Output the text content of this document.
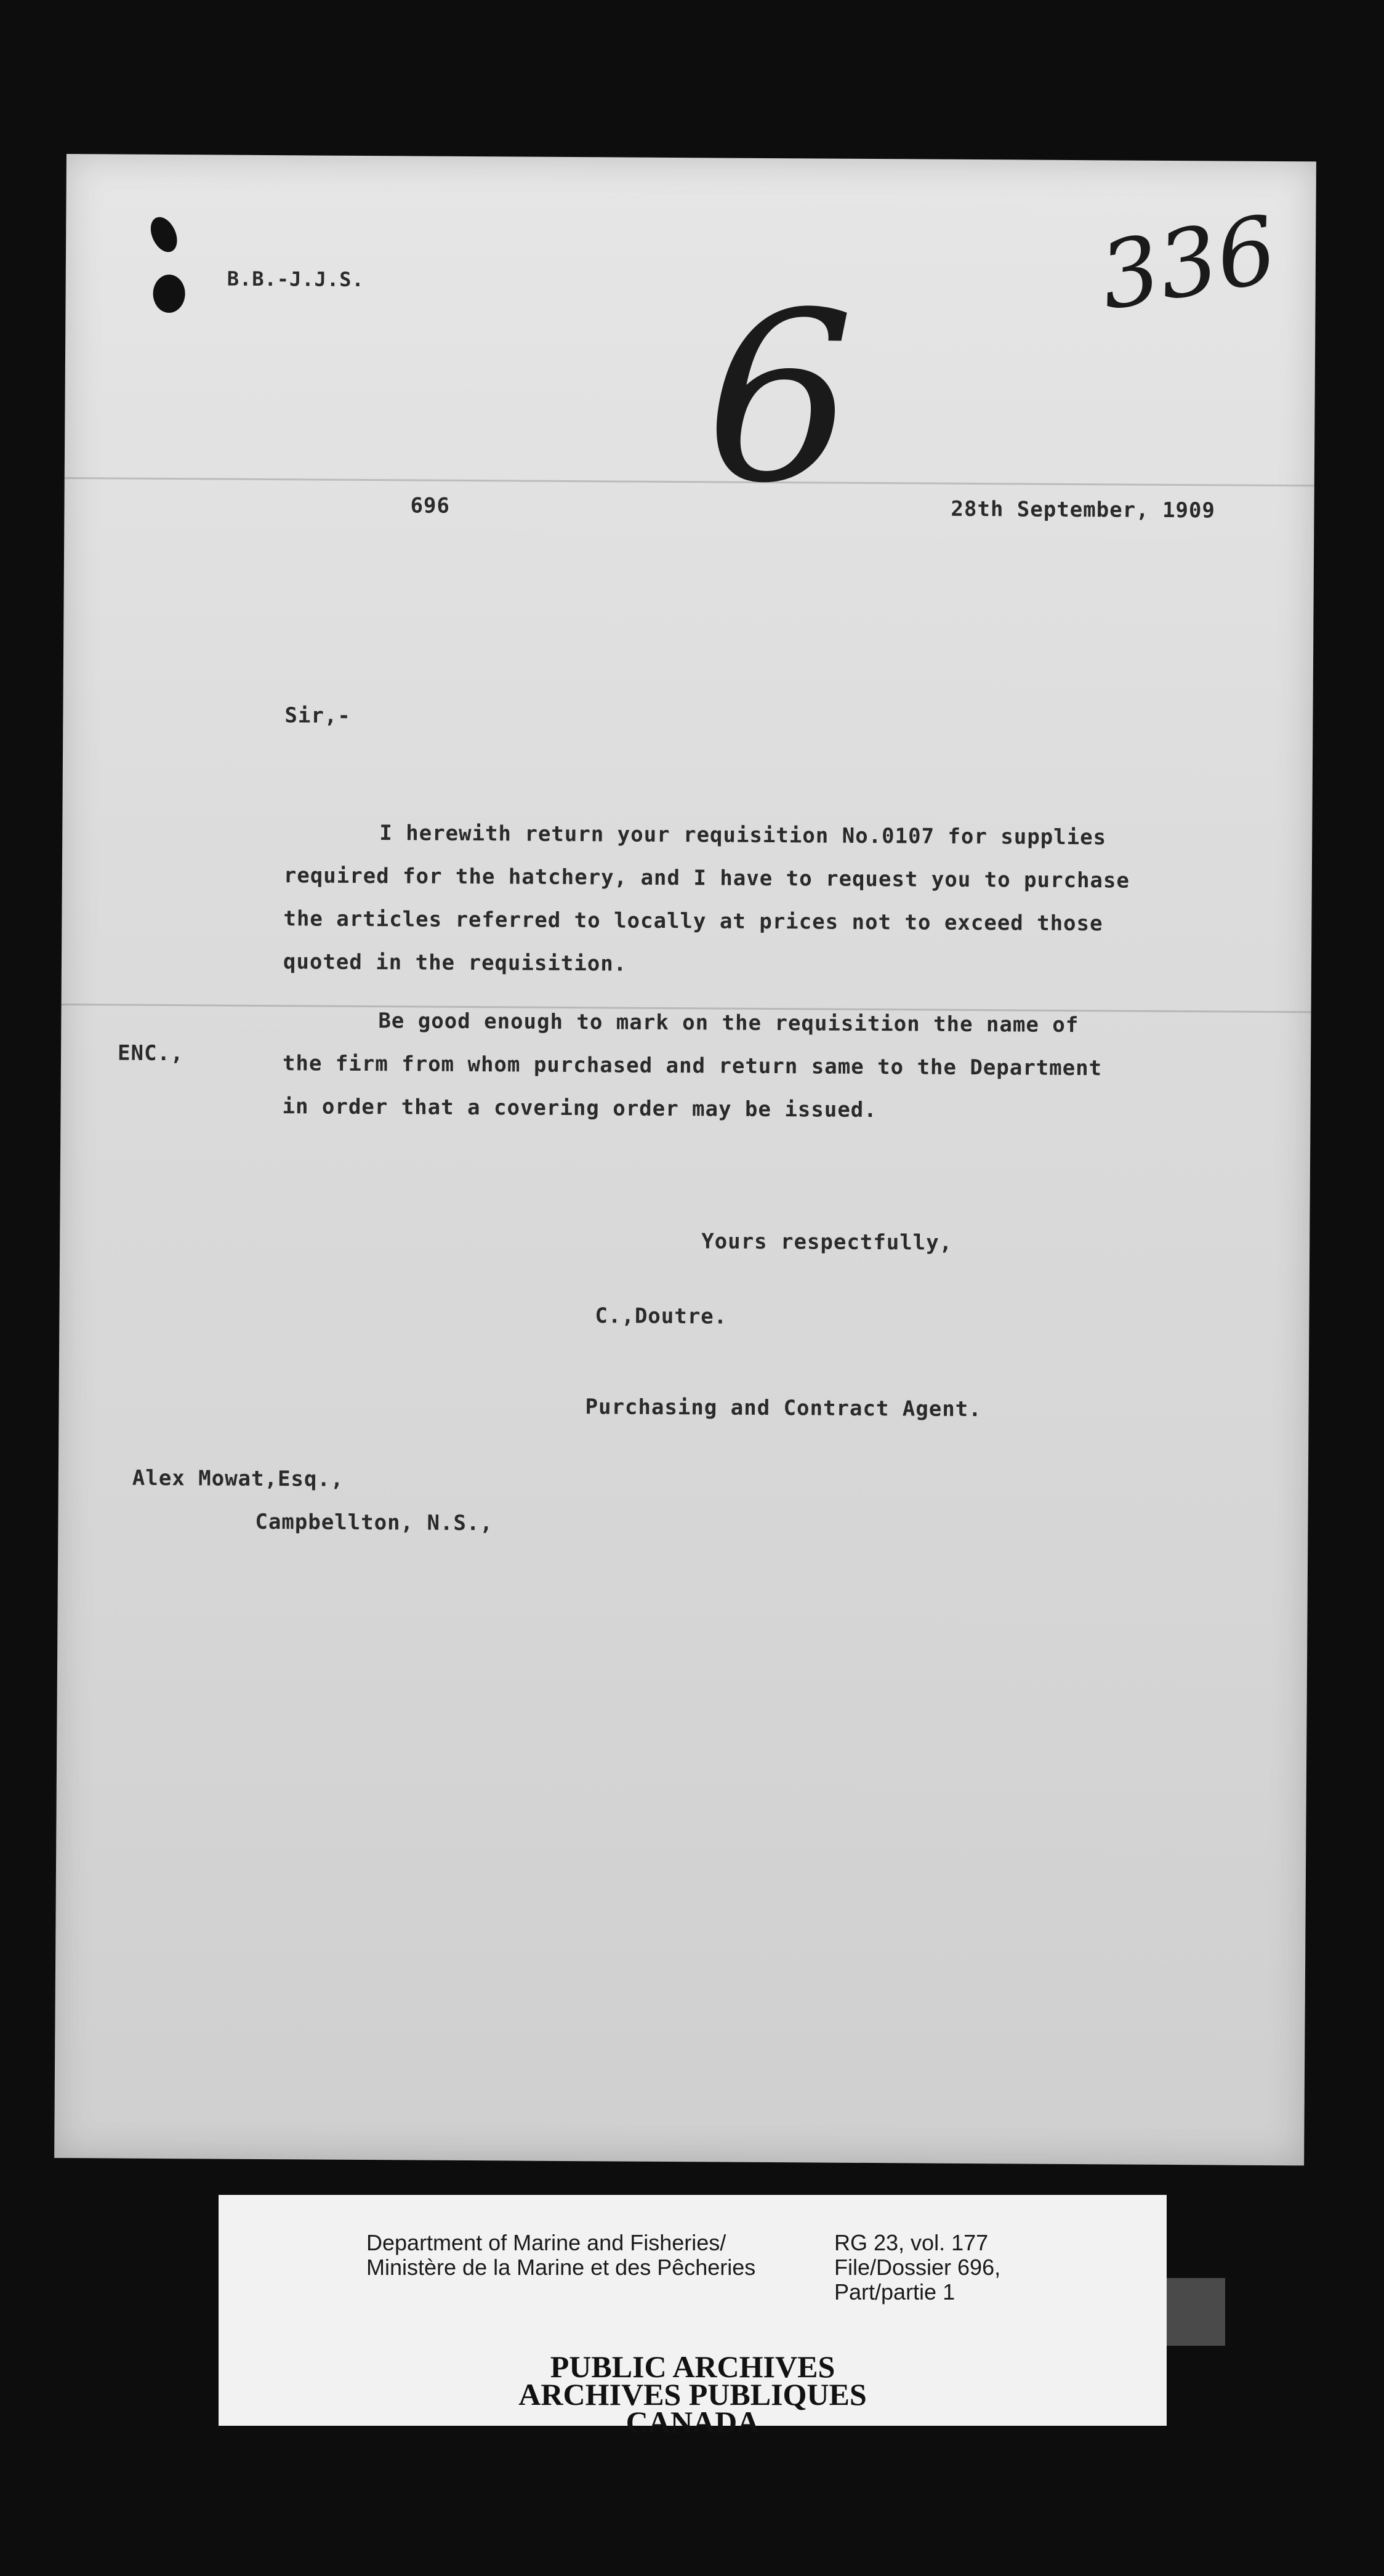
B.B.-J.J.S.	336
6
696	28th September, 1909
Sir,-
I herewith return your requisition No.0107 for supplies
required for the hatchery, and I have to request you to purchase
the articles referred to locally at prices not to exceed those
quoted in the requisition.
Be good enough to mark on the requisition the name of
ENC.,	the firm from whom purchased and return same to the Department
in order that a covering order may be issued.
Yours respectfully,
C.,Doutre.
Purchasing and Contract Agent.
Alex Mowat,Esq.,
Campbellton, N.S.,
Department of Marine and Fisheries/
Ministère de la Marine et des Pêcheries
RG 23, vol. 177
File/Dossier 696,
Part/partie 1
PUBLIC ARCHIVES
ARCHIVES PUBLIQUES
CANADA
